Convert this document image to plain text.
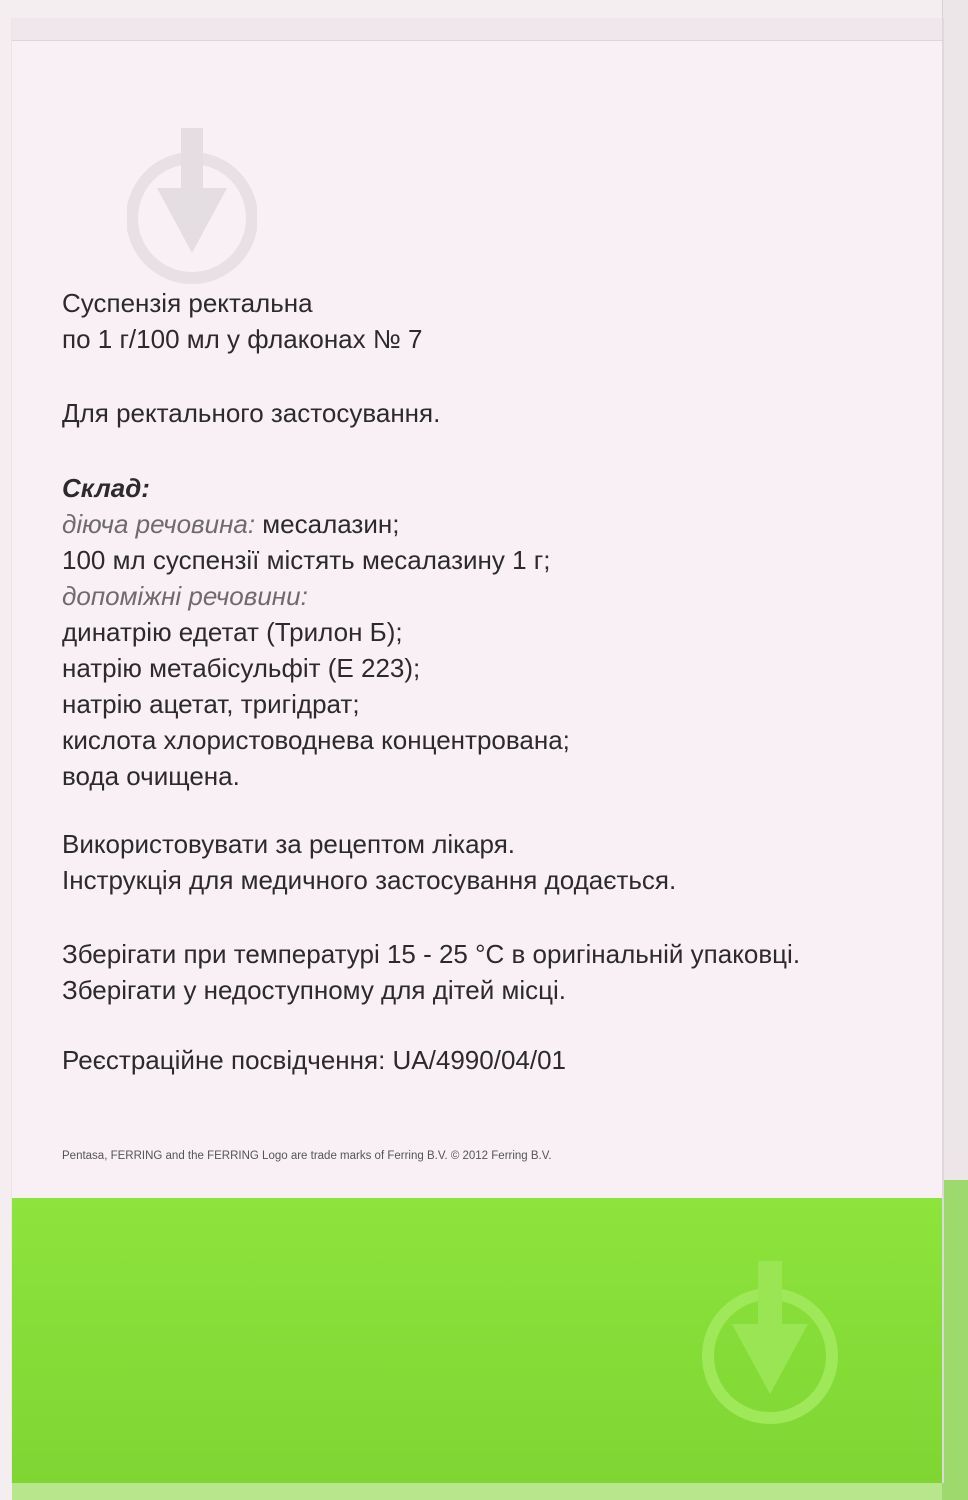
Суспензія ректальна
по 1 г/100 мл у флаконах № 7
Для ректального застосування.
Склад:
діюча речовина: месалазин;
100 мл суспензії містять месалазину 1 г;
допоміжні речовини:
динатрію едетат (Трилон Б);
натрію метабісульфіт (Е 223);
натрію ацетат, тригідрат;
кислота хлористоводнева концентрована;
вода очищена.
Використовувати за рецептом лікаря.
Інструкція для медичного застосування додається.
Зберігати при температурі 15 - 25 °С в оригінальній упаковці.
Зберігати у недоступному для дітей місці.
Реєстраційне посвідчення: UA/4990/04/01
Pentasa, FERRING and the FERRING Logo are trade marks of Ferring B.V. © 2012 Ferring B.V.
